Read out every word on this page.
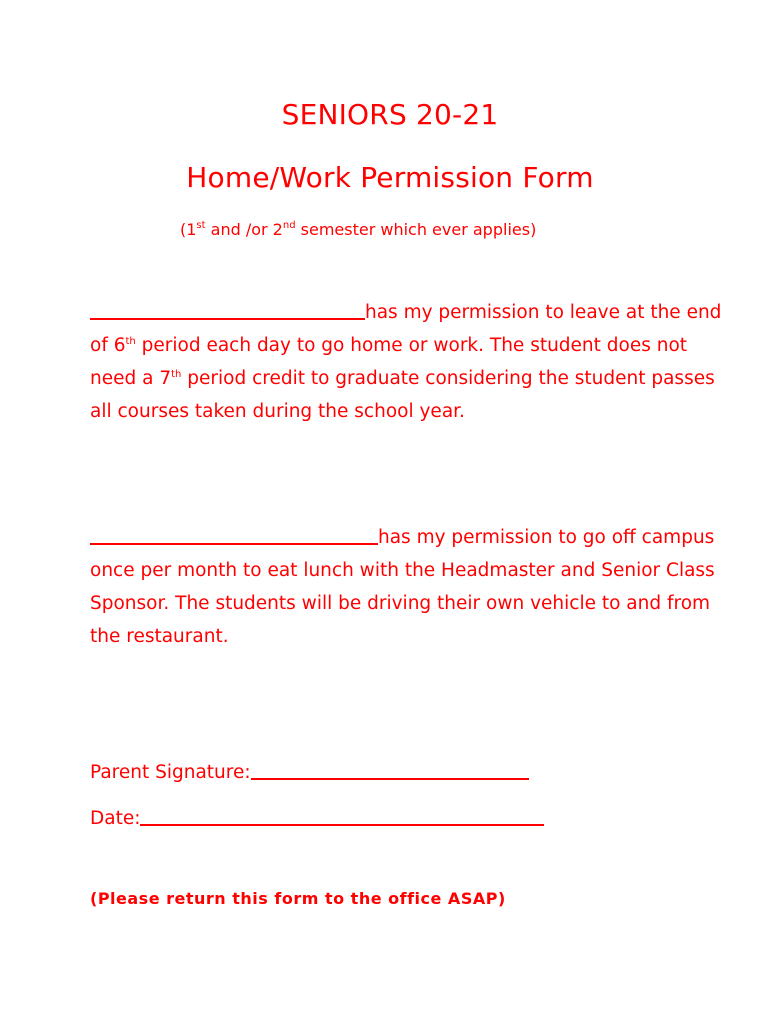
SENIORS 20-21
Home/Work Permission Form
(1st and /or 2nd semester which ever applies)

has my permission to leave at the end of 6th period each day to go home or work. The student does not need a 7th period credit to graduate considering the student passes all courses taken during the school year.

has my permission to go off campus once per month to eat lunch with the Headmaster and Senior Class Sponsor. The students will be driving their own vehicle to and from the restaurant.

Parent Signature:
Date:
(Please return this form to the office ASAP)
